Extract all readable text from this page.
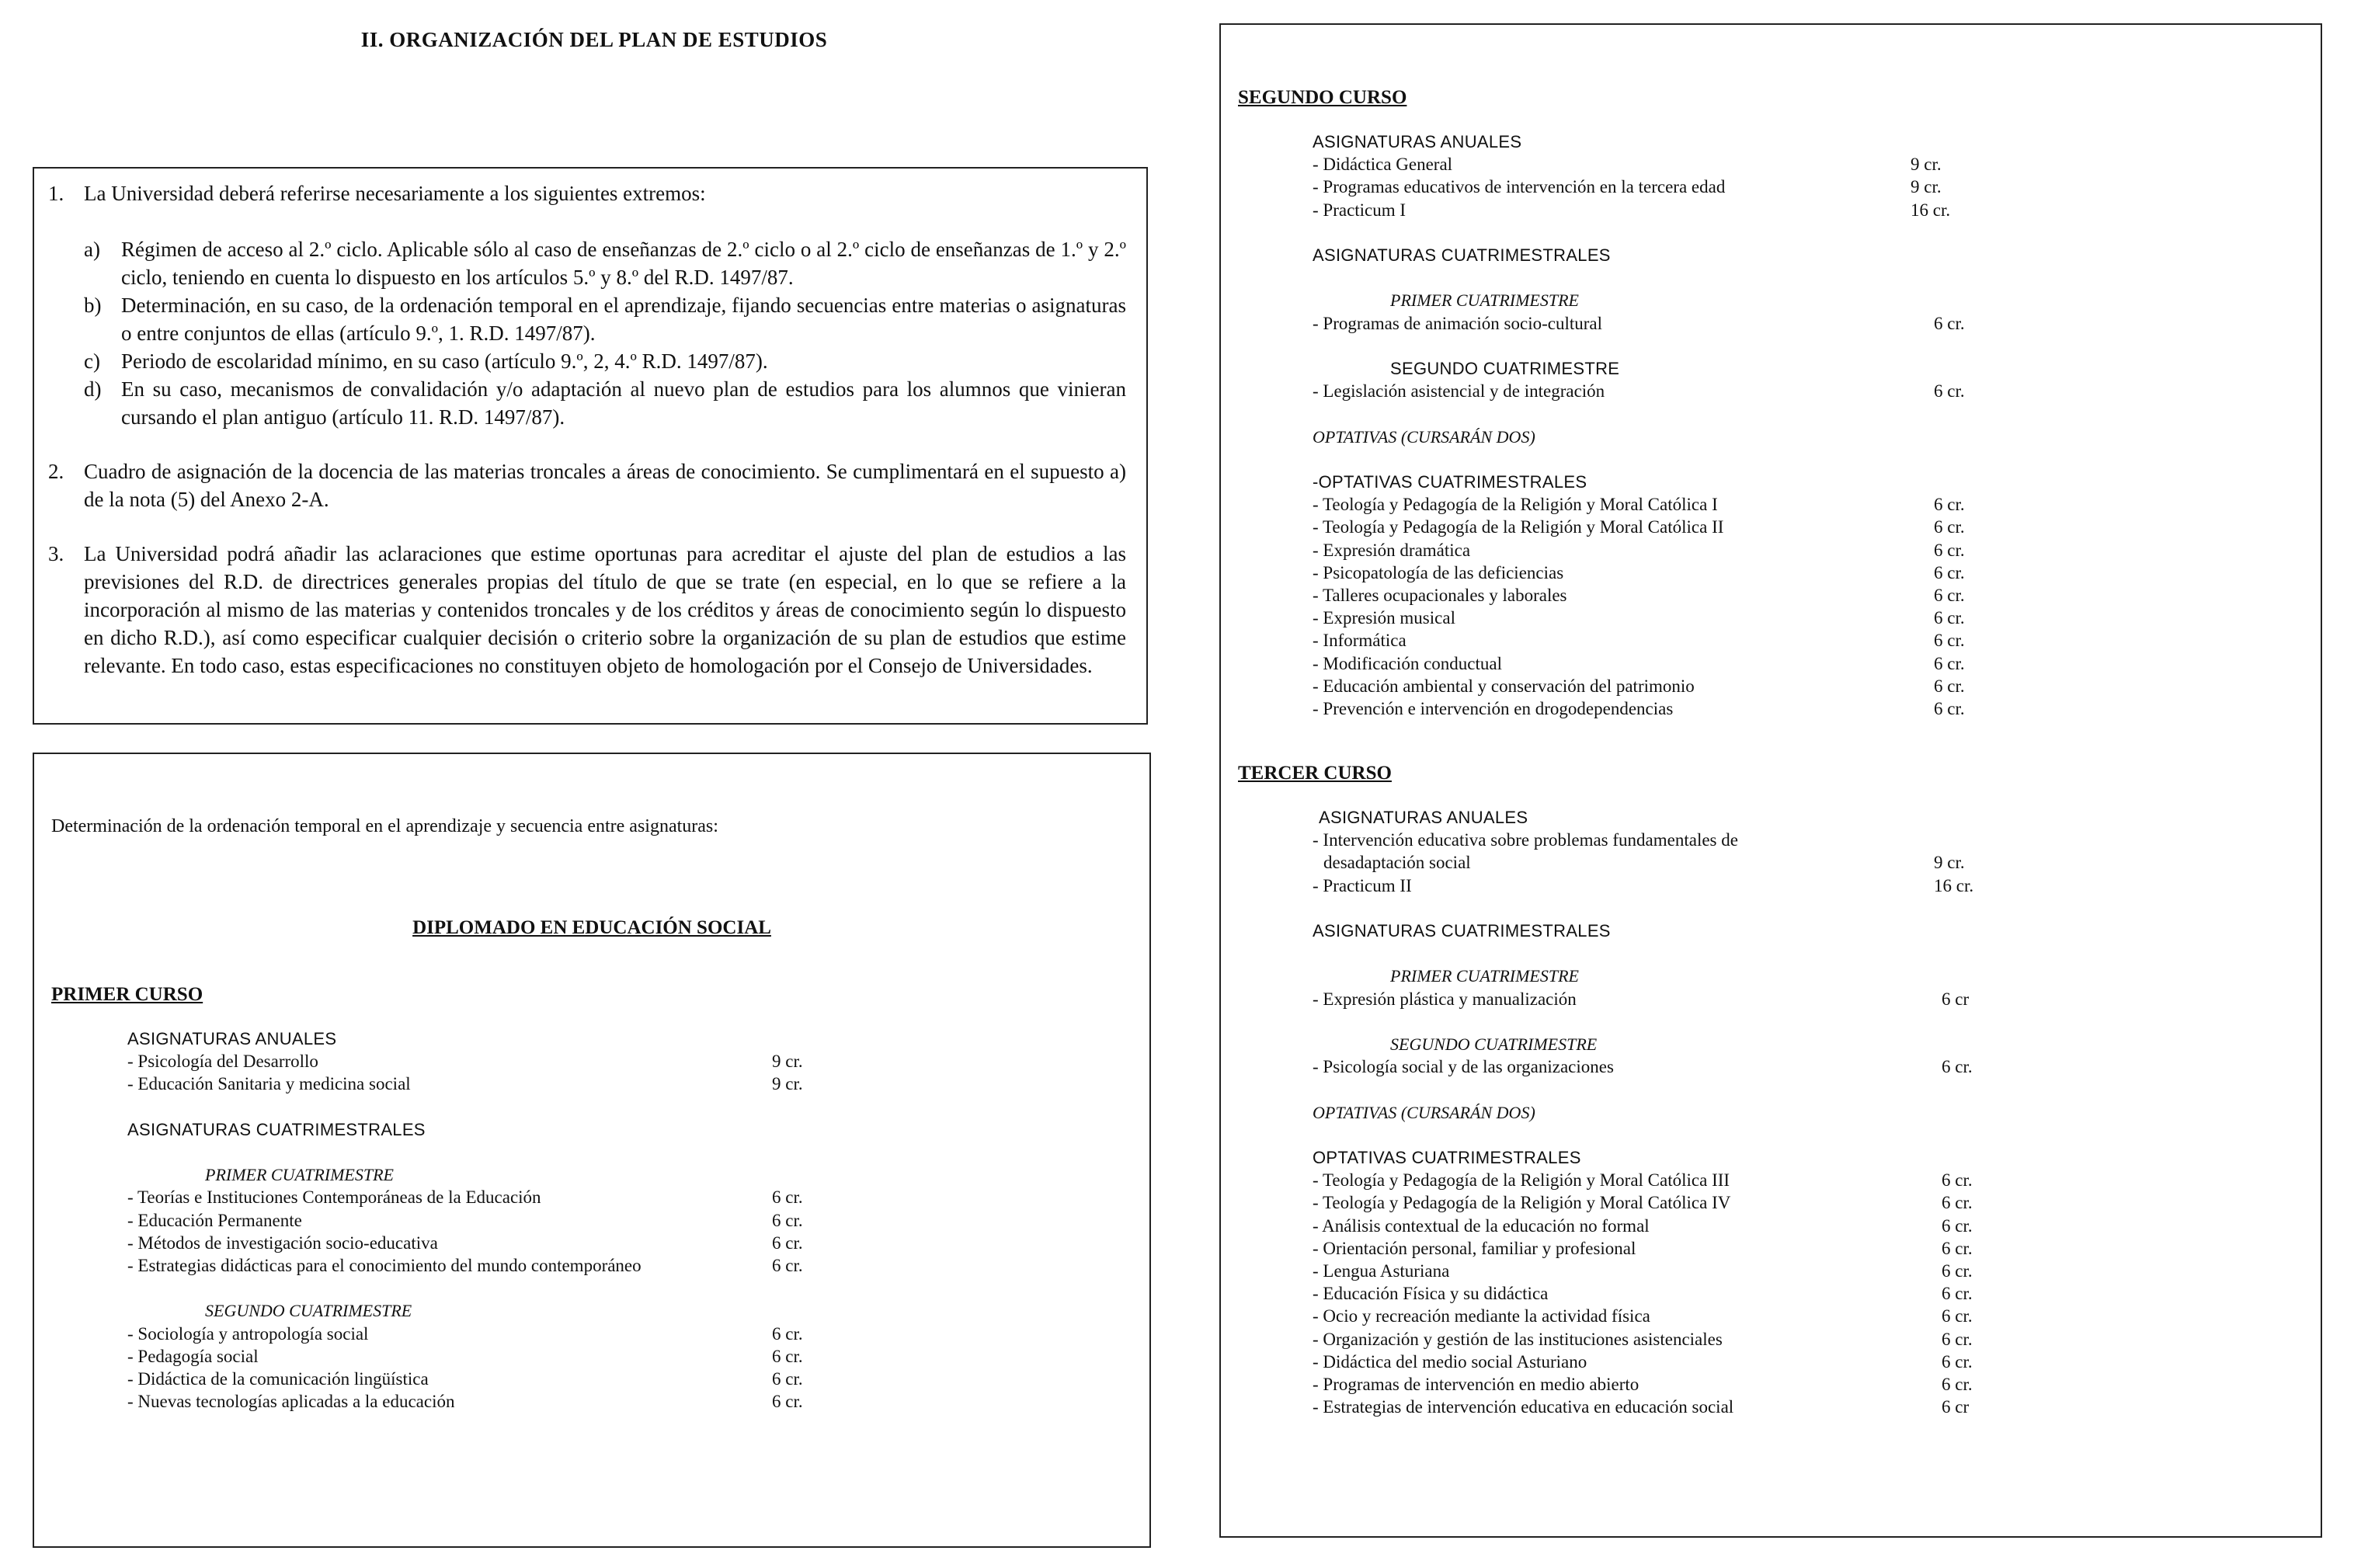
II. ORGANIZACIÓN DEL PLAN DE ESTUDIOS
1. La Universidad deberá referirse necesariamente a los siguientes extremos:
a)	Régimen de acceso al 2.º ciclo. Aplicable sólo al caso de enseñanzas de 2.º ciclo o al 2.º ciclo de enseñanzas de 1.º y 2.º ciclo, teniendo en cuenta lo dispuesto en los artículos 5.º y 8.º del R.D. 1497/87.
b) Determinación, en su caso, de la ordenación temporal en el aprendizaje, fijando secuencias entre materias o asignaturas o entre conjuntos de ellas (artículo 9.º, 1. R.D. 1497/87).
c)	Periodo de escolaridad mínimo, en su caso (artículo 9.º, 2, 4.º R.D. 1497/87).
d) En su caso, mecanismos de convalidación y/o adaptación al nuevo plan de estudios para los alumnos que vinieran cursando el plan antiguo (artículo 11. R.D. 1497/87).
2. Cuadro de asignación de la docencia de las materias troncales a áreas de conocimiento. Se cumplimentará en el supuesto a) de la nota (5) del Anexo 2-A.
3. La Universidad podrá añadir las aclaraciones que estime oportunas para acreditar el ajuste del plan de estudios a las previsiones del R.D. de directrices generales propias del título de que se trate (en especial, en lo que se refiere a la incorporación al mismo de las materias y contenidos troncales y de los créditos y áreas de conocimiento según lo dispuesto en dicho R.D.), así como especificar cualquier decisión o criterio sobre la organización de su plan de estudios que estime relevante. En todo caso, estas especificaciones no constituyen objeto de homologación por el Consejo de Universidades.
Determinación de la ordenación temporal en el aprendizaje y secuencia entre asignaturas:
DIPLOMADO EN EDUCACIÓN SOCIAL
PRIMER CURSO
ASIGNATURAS ANUALES
- Psicología del Desarrollo	9 cr.
- Educación Sanitaria y medicina social	9 cr.
ASIGNATURAS CUATRIMESTRALES
PRIMER CUATRIMESTRE
- Teorías e Instituciones Contemporáneas de la Educación	6 cr.
- Educación Permanente	6 cr.
- Métodos de investigación socio-educativa	6 cr.
- Estrategias didácticas para el conocimiento del mundo contemporáneo	6 cr.
SEGUNDO CUATRIMESTRE
- Sociología y antropología social	6 cr.
- Pedagogía social	6 cr.
- Didáctica de la comunicación lingüística	6 cr.
- Nuevas tecnologías aplicadas a la educación	6 cr.
SEGUNDO CURSO
ASIGNATURAS ANUALES
- Didáctica General	9 cr.
- Programas educativos de intervención en la tercera edad	9 cr.
- Practicum I	16 cr.
ASIGNATURAS CUATRIMESTRALES
PRIMER CUATRIMESTRE
- Programas de animación socio-cultural	6 cr.
SEGUNDO CUATRIMESTRE
- Legislación asistencial y de integración	6 cr.
OPTATIVAS (CURSARÁN DOS)
-OPTATIVAS CUATRIMESTRALES
- Teología y Pedagogía de la Religión y Moral Católica I	6 cr.
- Teología y Pedagogía de la Religión y Moral Católica II	6 cr.
- Expresión dramática	6 cr.
- Psicopatología de las deficiencias	6 cr.
- Talleres ocupacionales y laborales	6 cr.
- Expresión musical	6 cr.
- Informática	6 cr.
- Modificación conductual	6 cr.
- Educación ambiental y conservación del patrimonio	6 cr.
- Prevención e intervención en drogodependencias	6 cr.
TERCER CURSO
ASIGNATURAS ANUALES
- Intervención educativa sobre problemas fundamentales de
desadaptación social	9 cr.
- Practicum II	16 cr.
ASIGNATURAS CUATRIMESTRALES
PRIMER CUATRIMESTRE
- Expresión plástica y manualización	6 cr
SEGUNDO CUATRIMESTRE
- Psicología social y de las organizaciones	6 cr.
OPTATIVAS (CURSARÁN DOS)
OPTATIVAS CUATRIMESTRALES
- Teología y Pedagogía de la Religión y Moral Católica III	6 cr.
- Teología y Pedagogía de la Religión y Moral Católica IV	6 cr.
- Análisis contextual de la educación no formal	6 cr.
- Orientación personal, familiar y profesional	6 cr.
- Lengua Asturiana	6 cr.
- Educación Física y su didáctica	6 cr.
- Ocio y recreación mediante la actividad física	6 cr.
- Organización y gestión de las instituciones asistenciales	6 cr.
- Didáctica del medio social Asturiano	6 cr.
- Programas de intervención en medio abierto	6 cr.
- Estrategias de intervención educativa en educación social	6 cr
